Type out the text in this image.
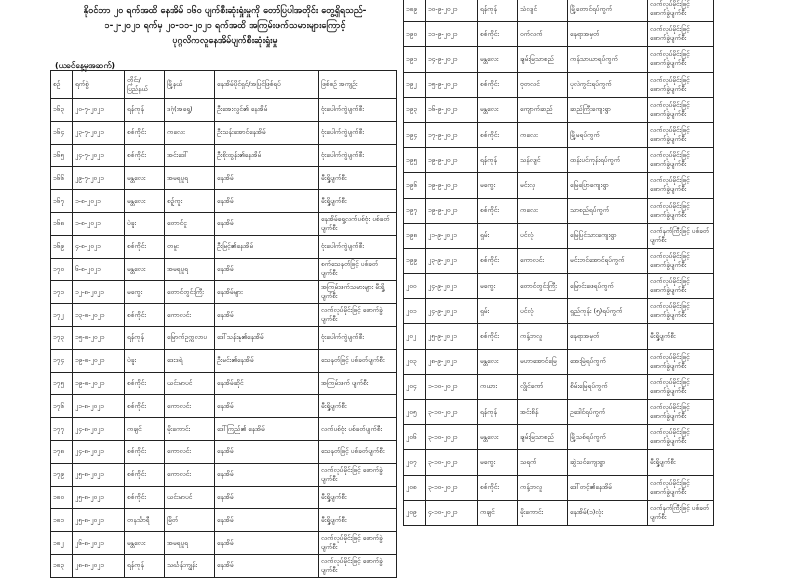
နိုဝင်ဘာ ၂၀ ရက်အထိ နေအိမ် ၁၆၀ ပျက်စီးဆုံးရှုံးမှုကို တော်ပြပါအတိုင်း တွေ့ရှိရသည်-
၁-၂-၂၀၂၁ ရက်မှ ၂၀-၁၁-၂၀၂၁ ရက်အထိ အကြမ်းဖက်သမားများကြောင့်
ပုဂ္ဂလိကလူနေအိမ်ပျက်စီးဆုံးရှုံးမှု
(ယခင်နေ့မှအဆက်)
စဉ်	ရက်စွဲ	တိုင်း/ ပြည်နယ်	မြို့နယ်	နေအိမ်ပိုင်ရှင်/အပြင်ဖြစ်ရပ်	ဖြစ်စဉ် အကျဉ်း
၁၆၃	၂၀-၇-၂၀၂၁	ရန်ကုန်	ဒဂုံ(အရှေ့)	ဦးအေးလွင်၏ နေအိမ်	ဗုံးပေါက်ကွဲပျက်စီး
၁၆၄	၂၃-၇-၂၀၂၁	စစ်ကိုင်း	ကလေး	ဦးသန်းအောင်နေအိမ်	ဗုံးပေါက်ကွဲပျက်စီး
၁၆၅	၂၄-၇-၂၀၂၁	စစ်ကိုင်း	အင်းဒေါ်	ဦးစိုးထွန်း၏နေအိမ်	ဗုံးပေါက်ကွဲပျက်စီး
၁၆၆	၂၉-၇-၂၀၂၁	မန္တလေး	အမရပူရ	နေအိမ်	မီးရှို့ပျက်စီး
၁၆၇	၁-၈-၂၀၂၁	မန္တလေး	စဉ့်ကူး	နေအိမ်	မီးရှို့ပျက်စီး
၁၆၈	၁-၈-၂၀၂၁	ပဲခူး	တောင်ငူ	နေအိမ်	နေအိမ်ရှေ့လက်ပစ်ဗုံး ပစ်ခတ်ပျက်စီး
၁၆၉	၄-၈-၂၀၂၁	စစ်ကိုင်း	တမူး	ဦးမြင့်၏နေအိမ်	ဗုံးပေါက်ကွဲပျက်စီး
၁၇၀	၆-၈-၂၀၂၁	မန္တလေး	အမရပူရ	နေအိမ်	စက်သေနတ်ဖြင့် ပစ်ခတ်ပျက်စီး
၁၇၁	၁၂-၈-၂၀၂၁	မကွေး	တောင်တွင်းကြီး	နေအိမ်များ	အကြမ်းဖက်သမားများ မီးရှို့ပျက်စီး
၁၇၂	၁၃-၈-၂၀၂၁	စစ်ကိုင်း	ကောလင်း	နေအိမ်	လက်လုပ်မိုင်းဖြင့် ဖောက်ခွဲပျက်စီး
၁၇၃	၁၅-၈-၂၀၂၁	ရန်ကုန်	မြောက်ဥက္ကလာပ	ဒေါ်သန်းနု၏နေအိမ်	ဗုံးပေါက်ကွဲပျက်စီး
၁၇၄	၁၉-၈-၂၀၂၁	ပဲခူး	ဒေးဒရဲ	ဦးမင်း၏နေအိမ်	သေနတ်ဖြင့် ပစ်ခတ်ပျက်စီး
၁၇၅	၁၉-၈-၂၀၂၁	စစ်ကိုင်း	ယင်းမာပင်	နေအိမ်ဆိုင်	အကြမ်းဖက် ပျက်စီး
၁၇၆	၂၁-၈-၂၀၂၁	စစ်ကိုင်း	ကောလင်း	နေအိမ်	မီးရှို့ပျက်စီး
၁၇၇	၂၄-၈-၂၀၂၁	ကချင်	မိုးကောင်း	ဒေါ်ကြည်၏ နေအိမ်	လက်ပစ်ဗုံး ပစ်ခတ်ပျက်စီး
၁၇၈	၂၄-၈-၂၀၂၁	စစ်ကိုင်း	ကောလင်း	နေအိမ်	သေနတ်ဖြင့် ပစ်ခတ်ပျက်စီး
၁၇၉	၂၅-၈-၂၀၂၁	စစ်ကိုင်း	ကောလင်း	နေအိမ်	လက်လုပ်မိုင်းဖြင့် ဖောက်ခွဲပျက်စီး
၁၈၀	၂၅-၈-၂၀၂၁	စစ်ကိုင်း	ယင်းမာပင်	နေအိမ်	မီးရှို့ပျက်စီး
၁၈၁	၂၅-၈-၂၀၂၁	တနင်္သာရီ	မြိတ်	နေအိမ်	မီးရှို့ပျက်စီး
၁၈၂	၂၆-၈-၂၀၂၁	မန္တလေး	အမရပူရ	နေအိမ်	လက်လုပ်မိုင်းဖြင့် ဖောက်ခွဲပျက်စီး
၁၈၃	၂၈-၈-၂၀၂၁	ရန်ကုန်	သင်္ဃန်းကျွန်း	နေအိမ်	လက်လုပ်မိုင်းဖြင့် ဖောက်ခွဲပျက်စီး
၁၈၉	၁၀-၉-၂၀၂၁	ရန်ကုန်	သံလျင်	မြို့တောင်ရပ်ကွက်	လက်လုပ်မိုင်းဖြင့် ဖောက်ခွဲပျက်စီး
၁၉၀	၁၁-၉-၂၀၂၁	စစ်ကိုင်း	ဝက်လက်	နေရာအမှတ်	လက်လုပ်မိုင်းဖြင့် ဖောက်ခွဲပျက်စီး
၁၉၁	၁၄-၉-၂၀၂၁	မန္တလေး	ချမ်းမြသာစည်	ကန်သာယာရပ်ကွက်	လက်လုပ်မိုင်းဖြင့် ဖောက်ခွဲပျက်စီး
၁၉၂	၁၅-၉-၂၀၂၁	စစ်ကိုင်း	ဗုတလင်	ပုလဲကွင်းရပ်ကွက်	လက်လုပ်မိုင်းဖြင့် ဖောက်ခွဲပျက်စီး
၁၉၃	၁၆-၉-၂၀၂၁	မန္တလေး	ကျောက်ဆည်	ဆည်ကြီးကျေးရွာ	လက်လုပ်မိုင်းဖြင့် ဖောက်ခွဲပျက်စီး
၁၉၄	၁၇-၉-၂၀၂၁	စစ်ကိုင်း	ကလေး	မြို့မရပ်ကွက်	လက်လုပ်မိုင်းဖြင့် ဖောက်ခွဲပျက်စီး
၁၉၅	၁၉-၉-၂၀၂၁	ရန်ကုန်	သန်လျင်	ထန်းပင်ကုန်းရပ်ကွက်	လက်လုပ်မိုင်းဖြင့် ဖောက်ခွဲပျက်စီး
၁၉၆	၁၉-၉-၂၀၂၁	မကွေး	မင်းလှ	မြေပြောကျေးရွာ	လက်လုပ်မိုင်းဖြင့် ဖောက်ခွဲပျက်စီး
၁၉၇	၁၉-၉-၂၀၂၁	စစ်ကိုင်း	ကလေး	သာစည်ရပ်ကွက်	လက်လုပ်မိုင်းဖြင့် ဖောက်ခွဲပျက်စီး
၁၉၈	၂၁-၉-၂၀၂၁	ရှမ်း	ပင်လုံ	မြေပြင်သားကျေးရွာ	လက်နက်ကြီးဖြင့် ပစ်ခတ်ပျက်စီး
၁၉၉	၂၃-၉-၂၀၂၁	စစ်ကိုင်း	ကောလင်း	မင်းဘင်အောင်ရပ်ကွက်	လက်လုပ်မိုင်းဖြင့် ဖောက်ခွဲပျက်စီး
၂၀၀	၂၄-၉-၂၀၂၁	မကွေး	တောင်တွင်းကြီး	မြောင်းဖေရပ်ကွက်	လက်လုပ်မိုင်းဖြင့် ဖောက်ခွဲပျက်စီး
၂၀၁	၂၄-၉-၂၀၂၁	ရှမ်း	ပင်လုံ	ရှည်ကုန်း (၅)ရပ်ကွက်	လက်လုပ်မိုင်းဖြင့် ဖောက်ခွဲပျက်စီး
၂၀၂	၂၅-၉-၂၀၂၁	စစ်ကိုင်း	ကန့်ဘလူ	နေရာအမှတ်	မီးရှို့ပျက်စီး
၂၀၃	၂၈-၉-၂၀၂၁	မန္တလေး	မဟာအောင်မြေ	အေးမြဲရပ်ကွက်	လက်လုပ်မိုင်းဖြင့် ဖောက်ခွဲပျက်စီး
၂၀၄	၁-၁၀-၂၀၂၁	ကယား	လွိုင်ကော်	စိမ်းမြေရပ်ကွက်	လက်လုပ်မိုင်းဖြင့် ဖောက်ခွဲပျက်စီး
၂၀၅	၃-၁၀-၂၀၂၁	ရန်ကုန်	အင်းစိန်	ဥဒေါင်ရပ်ကွက်	လက်လုပ်မိုင်းဖြင့် ဖောက်ခွဲပျက်စီး
၂၀၆	၃-၁၀-၂၀၂၁	မန္တလေး	ချမ်းမြသာစည်	မြို့သစ်ရပ်ကွက်	လက်လုပ်မိုင်းဖြင့် ဖောက်ခွဲပျက်စီး
၂၀၇	၃-၁၀-၂၀၂၁	မကွေး	သရက်	ဆွဲသင်ကျေးရွာ	မီးရှို့ပျက်စီး
၂၀၈	၃-၁၀-၂၀၂၁	စစ်ကိုင်း	ကန့်ဘလူ	ဒေါ်တင့်၏နေအိမ်	လက်လုပ်မိုင်းဖြင့် ဖောက်ခွဲပျက်စီး
၂၀၉	၄-၁၀-၂၀၂၁	ကချင်	မိုးကောင်း	နေအိမ်(၁)လုံး	လက်နက်ကြီးဖြင့် ပစ်ခတ်ပျက်စီး
